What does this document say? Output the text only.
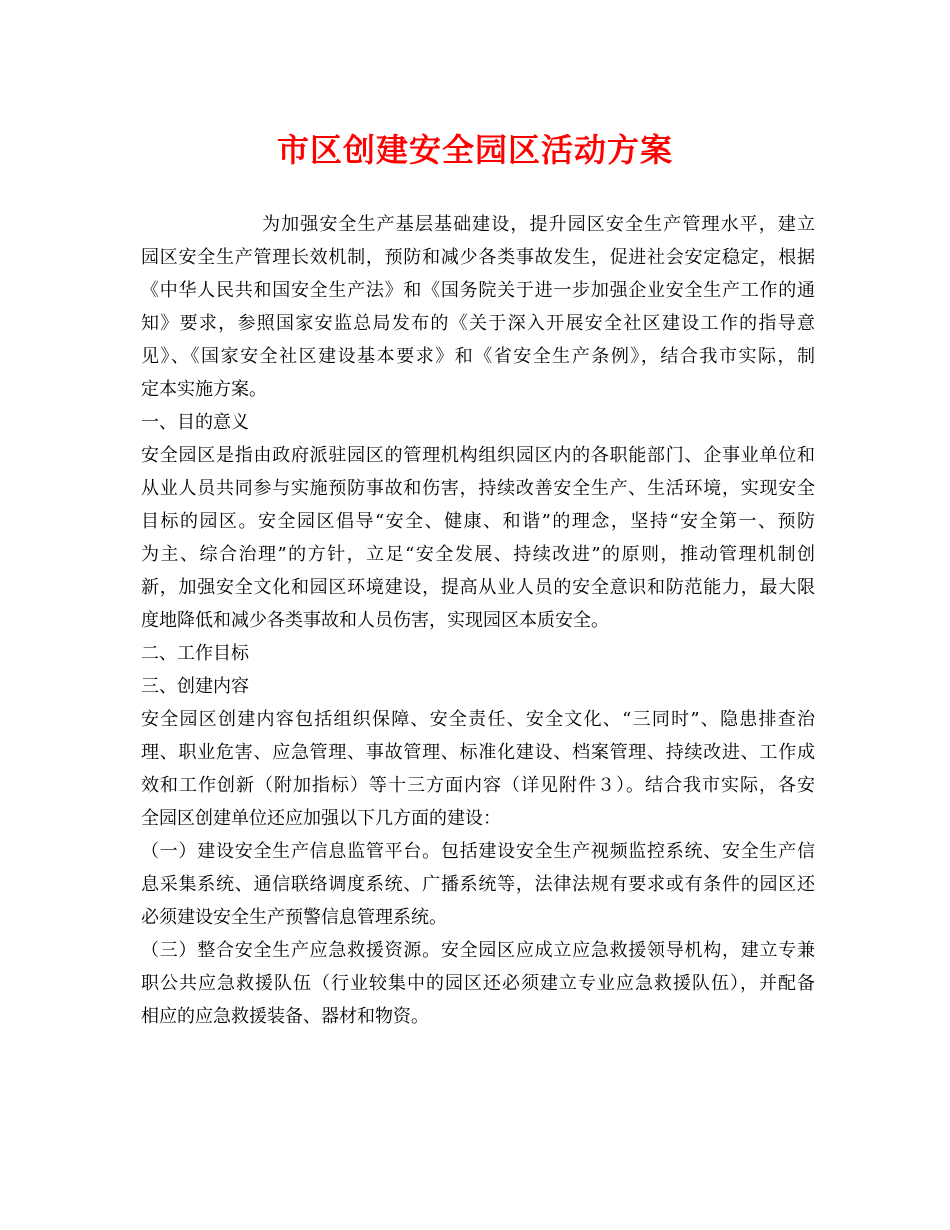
市区创建安全园区活动方案
为加强安全生产基层基础建设，提升园区安全生产管理水平，建立
园区安全生产管理长效机制，预防和减少各类事故发生，促进社会安定稳定，根据
《中华人民共和国安全生产法》和《国务院关于进一步加强企业安全生产工作的通
知》要求，参照国家安监总局发布的《关于深入开展安全社区建设工作的指导意
见》、《国家安全社区建设基本要求》和《省安全生产条例》，结合我市实际，制
定本实施方案。
一、目的意义
安全园区是指由政府派驻园区的管理机构组织园区内的各职能部门、企事业单位和
从业人员共同参与实施预防事故和伤害，持续改善安全生产、生活环境，实现安全
目标的园区。安全园区倡导“安全、健康、和谐”的理念，坚持“安全第一、预防
为主、综合治理”的方针，立足“安全发展、持续改进”的原则，推动管理机制创
新，加强安全文化和园区环境建设，提高从业人员的安全意识和防范能力，最大限
度地降低和减少各类事故和人员伤害，实现园区本质安全。
二、工作目标
三、创建内容
安全园区创建内容包括组织保障、安全责任、安全文化、“三同时”、隐患排查治
理、职业危害、应急管理、事故管理、标准化建设、档案管理、持续改进、工作成
效和工作创新（附加指标）等十三方面内容（详见附件３）。结合我市实际，各安
全园区创建单位还应加强以下几方面的建设：
（一）建设安全生产信息监管平台。包括建设安全生产视频监控系统、安全生产信
息采集系统、通信联络调度系统、广播系统等，法律法规有要求或有条件的园区还
必须建设安全生产预警信息管理系统。
（三）整合安全生产应急救援资源。安全园区应成立应急救援领导机构，建立专兼
职公共应急救援队伍（行业较集中的园区还必须建立专业应急救援队伍），并配备
相应的应急救援装备、器材和物资。
